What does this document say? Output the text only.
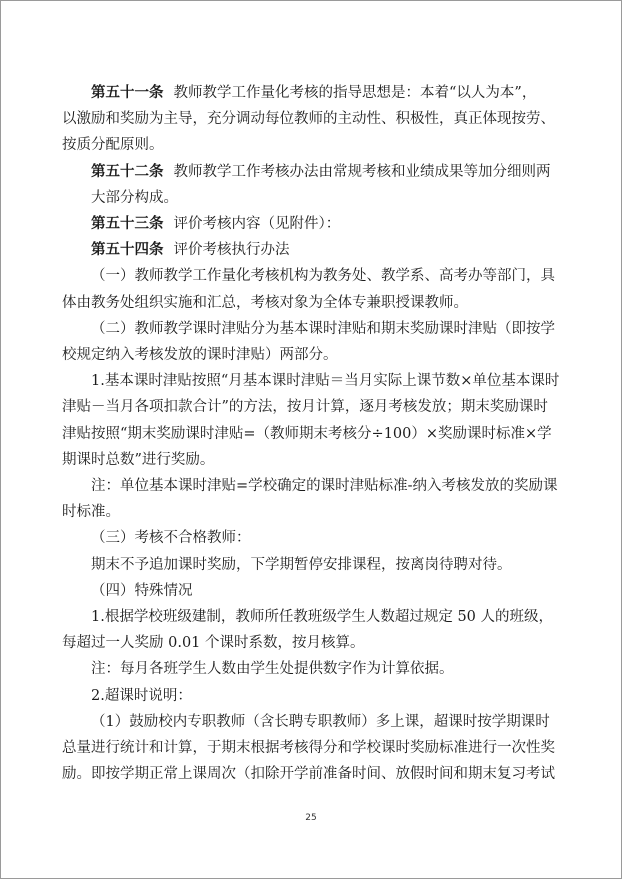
第五十一条 教师教学工作量化考核的指导思想是：本着“以人为本”，

以激励和奖励为主导，充分调动每位教师的主动性、积极性，真正体现按劳、按质分配原则。

第五十二条 教师教学工作考核办法由常规考核和业绩成果等加分细则两大部分构成。

第五十三条 评价考核内容（见附件）：

第五十四条 评价考核执行办法

（一）教师教学工作量化考核机构为教务处、教学系、高考办等部门，具体由教务处组织实施和汇总，考核对象为全体专兼职授课教师。

（二）教师教学课时津贴分为基本课时津贴和期末奖励课时津贴（即按学校规定纳入考核发放的课时津贴）两部分。

1.基本课时津贴按照“月基本课时津贴＝当月实际上课节数×单位基本课时津贴－当月各项扣款合计”的方法，按月计算，逐月考核发放；期末奖励课时津贴按照“期末奖励课时津贴=（教师期末考核分÷100）×奖励课时标准×学期课时总数”进行奖励。

注：单位基本课时津贴=学校确定的课时津贴标准-纳入考核发放的奖励课时标准。

（三）考核不合格教师：

期末不予追加课时奖励，下学期暂停安排课程，按离岗待聘对待。

（四）特殊情况

1.根据学校班级建制，教师所任教班级学生人数超过规定 50 人的班级，每超过一人奖励 0.01 个课时系数，按月核算。

注：每月各班学生人数由学生处提供数字作为计算依据。

2.超课时说明：

（1）鼓励校内专职教师（含长聘专职教师）多上课，超课时按学期课时总量进行统计和计算，于期末根据考核得分和学校课时奖励标准进行一次性奖励。即按学期正常上课周次（扣除开学前准备时间、放假时间和期末复习考试

25
